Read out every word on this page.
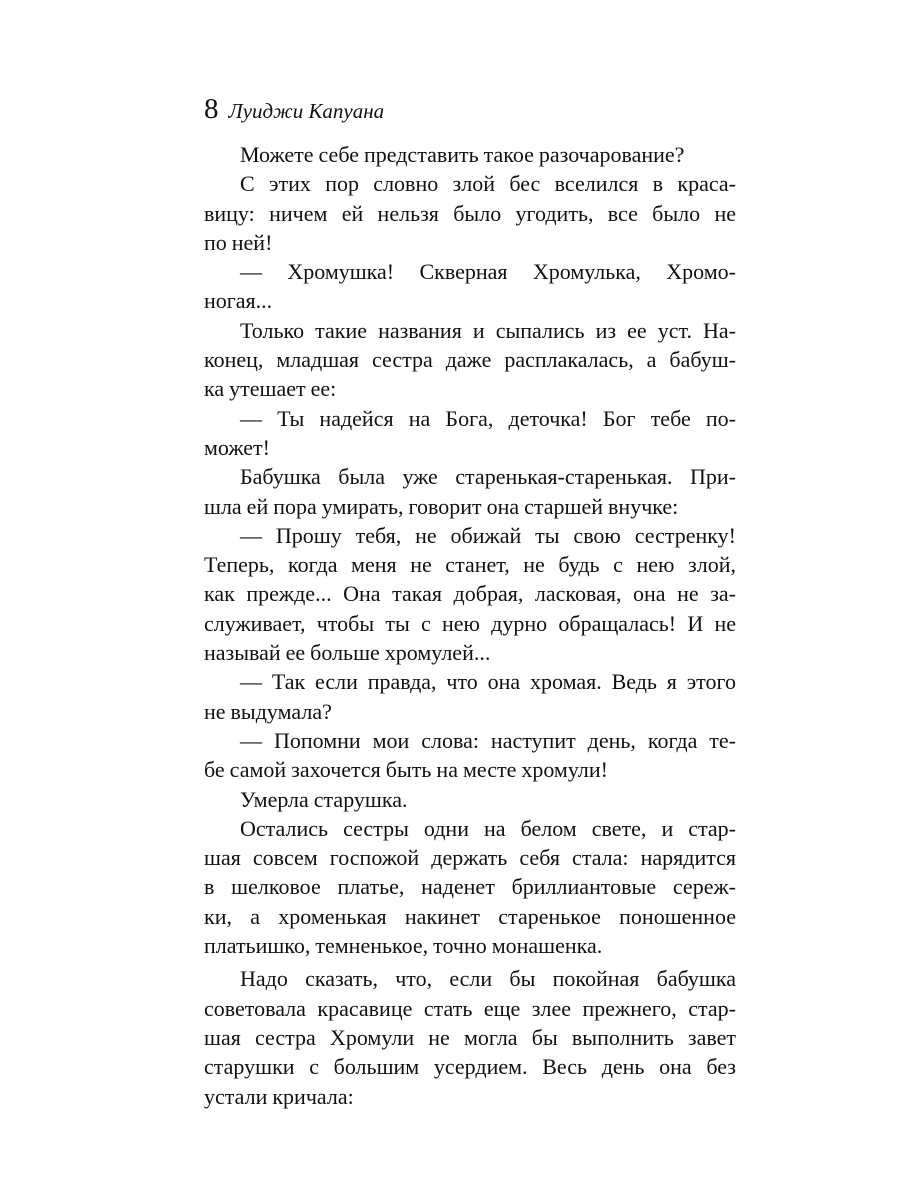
8 Луиджи Капуана
Можете себе представить такое разочарование?
С этих пор словно злой бес вселился в краса-
вицу: ничем ей нельзя было угодить, все было не
по ней!
— Хромушка! Скверная Хромулька, Хромо-
ногая...
Только такие названия и сыпались из ее уст. На-
конец, младшая сестра даже расплакалась, а бабуш-
ка утешает ее:
— Ты надейся на Бога, деточка! Бог тебе по-
может!
Бабушка была уже старенькая-старенькая. При-
шла ей пора умирать, говорит она старшей внучке:
— Прошу тебя, не обижай ты свою сестренку!
Теперь, когда меня не станет, не будь с нею злой,
как прежде... Она такая добрая, ласковая, она не за-
служивает, чтобы ты с нею дурно обращалась! И не
называй ее больше хромулей...
— Так если правда, что она хромая. Ведь я этого
не выдумала?
— Попомни мои слова: наступит день, когда те-
бе самой захочется быть на месте хромули!
Умерла старушка.
Остались сестры одни на белом свете, и стар-
шая совсем госпожой держать себя стала: нарядится
в шелковое платье, наденет бриллиантовые сереж-
ки, а хроменькая накинет старенькое поношенное
платьишко, темненькое, точно монашенка.
Надо сказать, что, если бы покойная бабушка
советовала красавице стать еще злее прежнего, стар-
шая сестра Хромули не могла бы выполнить завет
старушки с большим усердием. Весь день она без
устали кричала:
